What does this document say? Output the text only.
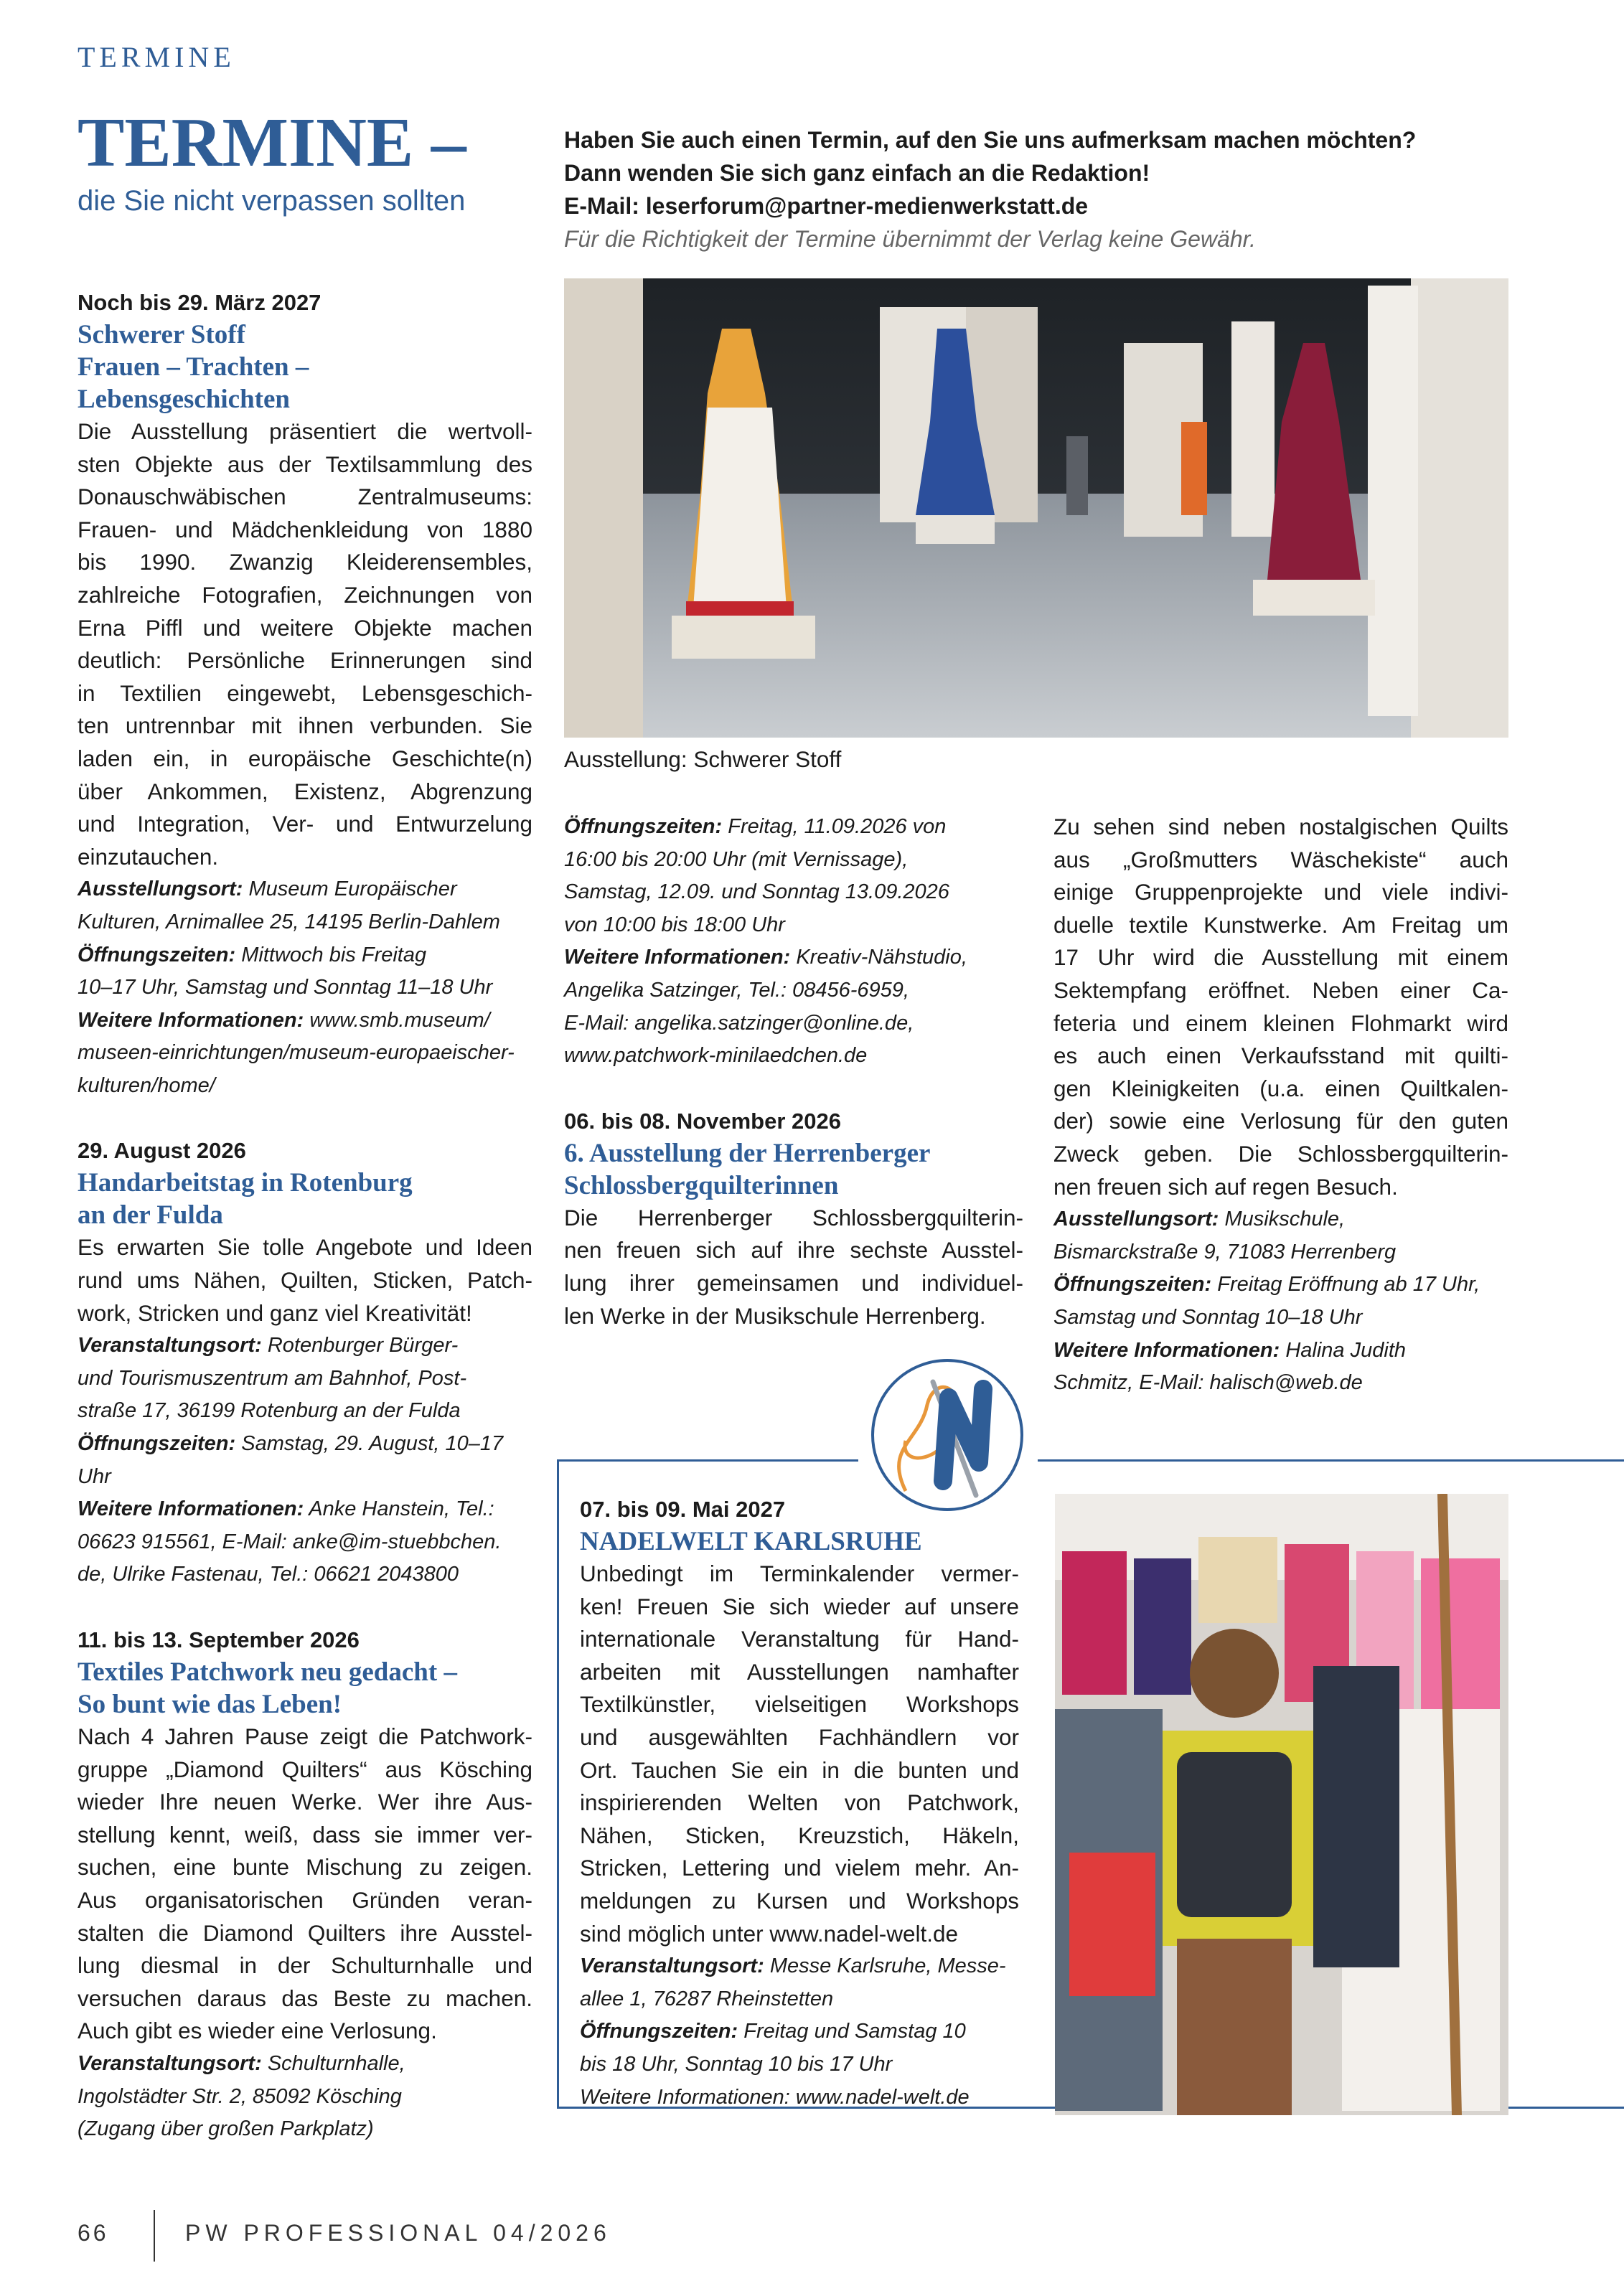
TERMINE
TERMINE –
die Sie nicht verpassen sollten
Haben Sie auch einen Termin, auf den Sie uns aufmerksam machen möchten?
Dann wenden Sie sich ganz einfach an die Redaktion!
E-Mail: leserforum@partner-medienwerkstatt.de
Für die Richtigkeit der Termine übernimmt der Verlag keine Gewähr.

Noch bis 29. März 2027

Schwerer Stoff

Frauen – Trachten –

Lebensgeschichten

Die Ausstellung präsentiert die wertvoll-
sten Objekte aus der Textilsammlung des
Donauschwäbischen Zentralmuseums:
Frauen- und Mädchenkleidung von 1880
bis 1990. Zwanzig Kleiderensembles,
zahlreiche Fotografien, Zeichnungen von
Erna Piffl und weitere Objekte machen
deutlich: Persönliche Erinnerungen sind
in Textilien eingewebt, Lebensgeschich-
ten untrennbar mit ihnen verbunden. Sie
laden ein, in europäische Geschichte(n)
über Ankommen, Existenz, Abgrenzung
und Integration, Ver- und Entwurzelung
einzutauchen.
Ausstellungsort: Museum Europäischer
Kulturen, Arnimallee 25, 14195 Berlin-Dahlem
Öffnungszeiten: Mittwoch bis Freitag
10–17 Uhr, Samstag und Sonntag 11–18 Uhr
Weitere Informationen: www.smb.museum/
museen-einrichtungen/museum-europaeischer-
kulturen/home/

29. August 2026

Handarbeitstag in Rotenburg

an der Fulda

Es erwarten Sie tolle Angebote und Ideen
rund ums Nähen, Quilten, Sticken, Patch-
work, Stricken und ganz viel Kreativität!
Veranstaltungsort: Rotenburger Bürger-
und Tourismuszentrum am Bahnhof, Post-
straße 17, 36199 Rotenburg an der Fulda
Öffnungszeiten: Samstag, 29. August, 10–17 Uhr
Weitere Informationen: Anke Hanstein, Tel.:
06623 915561, E-Mail: anke@im-stuebbchen.
de, Ulrike Fastenau, Tel.: 06621 2043800

11. bis 13. September 2026

Textiles Patchwork neu gedacht –

So bunt wie das Leben!

Nach 4 Jahren Pause zeigt die Patchwork-
gruppe „Diamond Quilters“ aus Kösching
wieder Ihre neuen Werke. Wer ihre Aus-
stellung kennt, weiß, dass sie immer ver-
suchen, eine bunte Mischung zu zeigen.
Aus organisatorischen Gründen veran-
stalten die Diamond Quilters ihre Ausstel-
lung diesmal in der Schulturnhalle und
versuchen daraus das Beste zu machen.
Auch gibt es wieder eine Verlosung.
Veranstaltungsort: Schulturnhalle,
Ingolstädter Str. 2, 85092 Kösching
(Zugang über großen Parkplatz)
Ausstellung: Schwerer Stoff
Öffnungszeiten: Freitag, 11.09.2026 von
16:00 bis 20:00 Uhr (mit Vernissage),
Samstag, 12.09. und Sonntag 13.09.2026
von 10:00 bis 18:00 Uhr
Weitere Informationen: Kreativ-Nähstudio,
Angelika Satzinger, Tel.: 08456-6959,
E-Mail: angelika.satzinger@online.de,
www.patchwork-minilaedchen.de

06. bis 08. November 2026

6. Ausstellung der Herrenberger

Schlossbergquilterinnen

Die Herrenberger Schlossbergquilterin-
nen freuen sich auf ihre sechste Ausstel-
lung ihrer gemeinsamen und individuel-
len Werke in der Musikschule Herrenberg.
Zu sehen sind neben nostalgischen Quilts
aus „Großmutters Wäschekiste“ auch
einige Gruppenprojekte und viele indivi-
duelle textile Kunstwerke. Am Freitag um
17 Uhr wird die Ausstellung mit einem
Sektempfang eröffnet. Neben einer Ca-
feteria und einem kleinen Flohmarkt wird
es auch einen Verkaufsstand mit quilti-
gen Kleinigkeiten (u.a. einen Quiltkalen-
der) sowie eine Verlosung für den guten
Zweck geben. Die Schlossbergquilterin-
nen freuen sich auf regen Besuch.
Ausstellungsort: Musikschule,
Bismarckstraße 9, 71083 Herrenberg
Öffnungszeiten: Freitag Eröffnung ab 17 Uhr,
Samstag und Sonntag 10–18 Uhr
Weitere Informationen: Halina Judith
Schmitz, E-Mail: halisch@web.de

07. bis 09. Mai 2027

NADELWELT KARLSRUHE

Unbedingt im Terminkalender vermer-
ken! Freuen Sie sich wieder auf unsere
internationale Veranstaltung für Hand-
arbeiten mit Ausstellungen namhafter
Textilkünstler, vielseitigen Workshops
und ausgewählten Fachhändlern vor
Ort. Tauchen Sie ein in die bunten und
inspirierenden Welten von Patchwork,
Nähen, Sticken, Kreuzstich, Häkeln,
Stricken, Lettering und vielem mehr. An-
meldungen zu Kursen und Workshops
sind möglich unter www.nadel-welt.de
Veranstaltungsort: Messe Karlsruhe, Messe-
allee 1, 76287 Rheinstetten
Öffnungszeiten: Freitag und Samstag 10
bis 18 Uhr, Sonntag 10 bis 17 Uhr
Weitere Informationen: www.nadel-welt.de
66	PW PROFESSIONAL 04/2026
